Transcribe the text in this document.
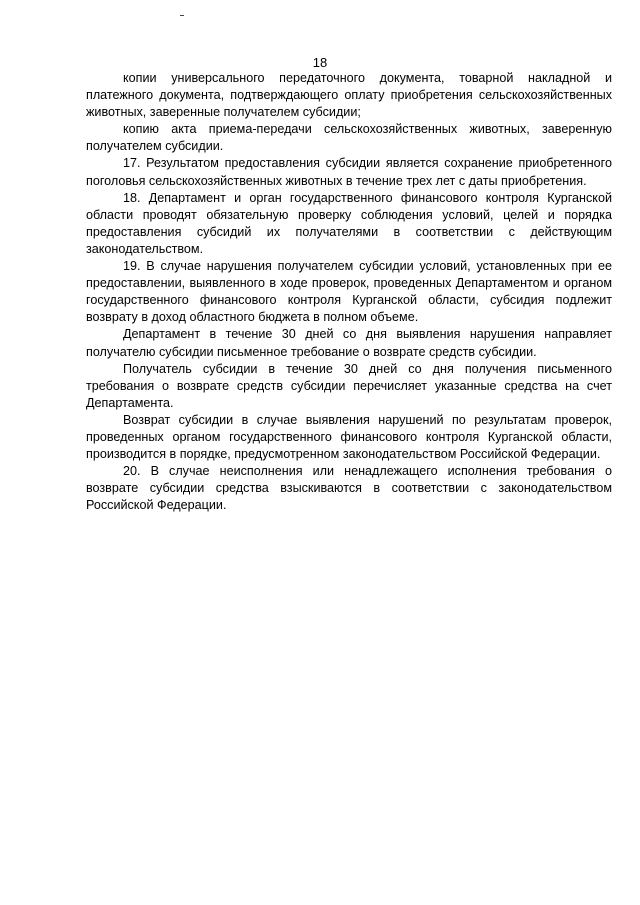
18

копии универсального передаточного документа, товарной накладной и платежного документа, подтверждающего оплату приобретения сельскохозяйственных животных, заверенные получателем субсидии;

копию акта приема-передачи сельскохозяйственных животных, заверенную получателем субсидии.

17. Результатом предоставления субсидии является сохранение приобретенного поголовья сельскохозяйственных животных в течение трех лет с даты приобретения.

18. Департамент и орган государственного финансового контроля Курганской области проводят обязательную проверку соблюдения условий, целей и порядка предоставления субсидий их получателями в соответствии с действующим законодательством.

19. В случае нарушения получателем субсидии условий, установленных при ее предоставлении, выявленного в ходе проверок, проведенных Департаментом и органом государственного финансового контроля Курганской области, субсидия подлежит возврату в доход областного бюджета в полном объеме.

Департамент в течение 30 дней со дня выявления нарушения направляет получателю субсидии письменное требование о возврате средств субсидии.

Получатель субсидии в течение 30 дней со дня получения письменного требования о возврате средств субсидии перечисляет указанные средства на счет Департамента.

Возврат субсидии в случае выявления нарушений по результатам проверок, проведенных органом государственного финансового контроля Курганской области, производится в порядке, предусмотренном законодательством Российской Федерации.

20. В случае неисполнения или ненадлежащего исполнения требования о возврате субсидии средства взыскиваются в соответствии с законодательством Российской Федерации.
